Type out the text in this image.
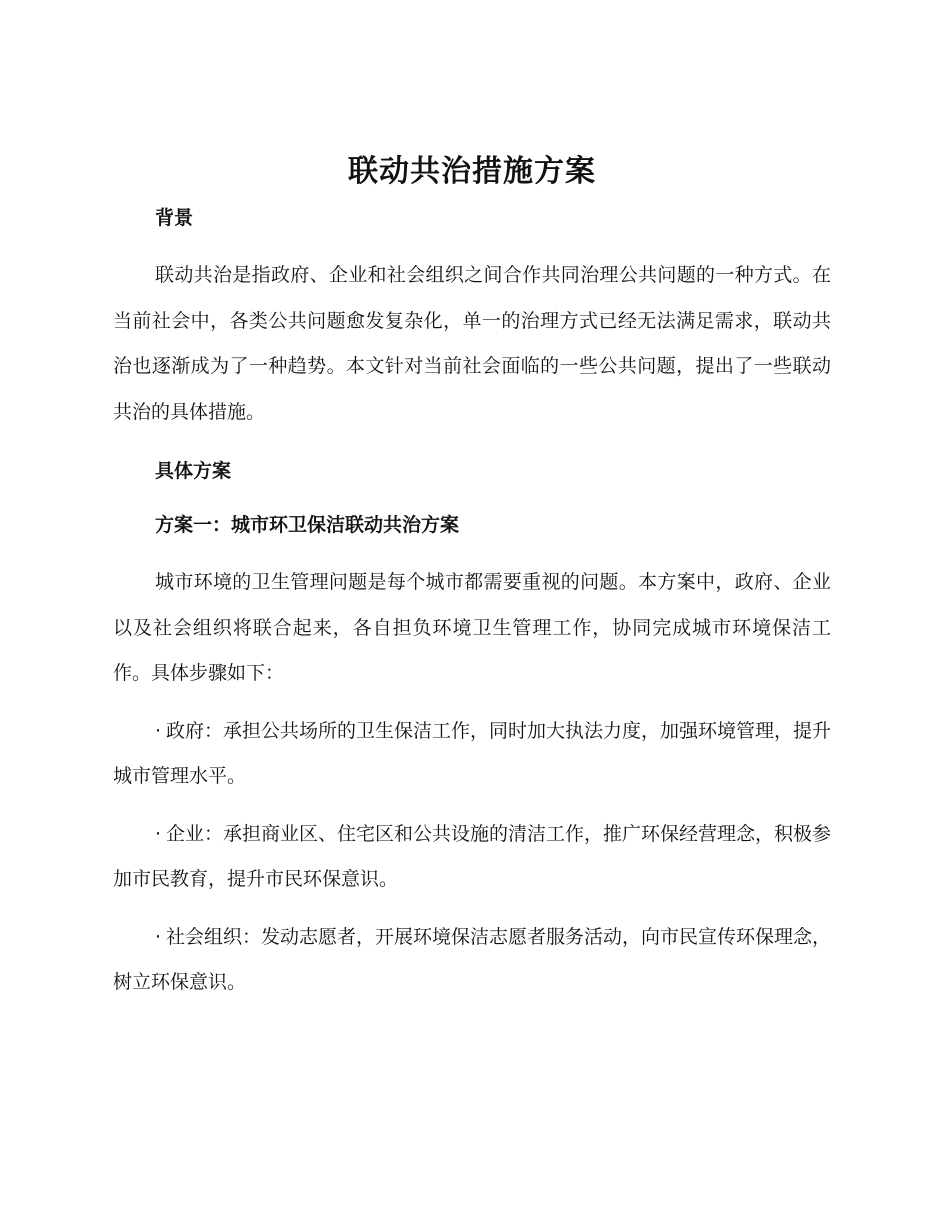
联动共治措施方案
背景

联动共治是指政府、企业和社会组织之间合作共同治理公共问题的一种方式。在当前社会中，各类公共问题愈发复杂化，单一的治理方式已经无法满足需求，联动共治也逐渐成为了一种趋势。本文针对当前社会面临的一些公共问题，提出了一些联动共治的具体措施。

具体方案
方案一：城市环卫保洁联动共治方案

城市环境的卫生管理问题是每个城市都需要重视的问题。本方案中，政府、企业以及社会组织将联合起来，各自担负环境卫生管理工作，协同完成城市环境保洁工作。具体步骤如下：

· 政府：承担公共场所的卫生保洁工作，同时加大执法力度，加强环境管理，提升城市管理水平。

· 企业：承担商业区、住宅区和公共设施的清洁工作，推广环保经营理念，积极参加市民教育，提升市民环保意识。

· 社会组织：发动志愿者，开展环境保洁志愿者服务活动，向市民宣传环保理念，树立环保意识。
